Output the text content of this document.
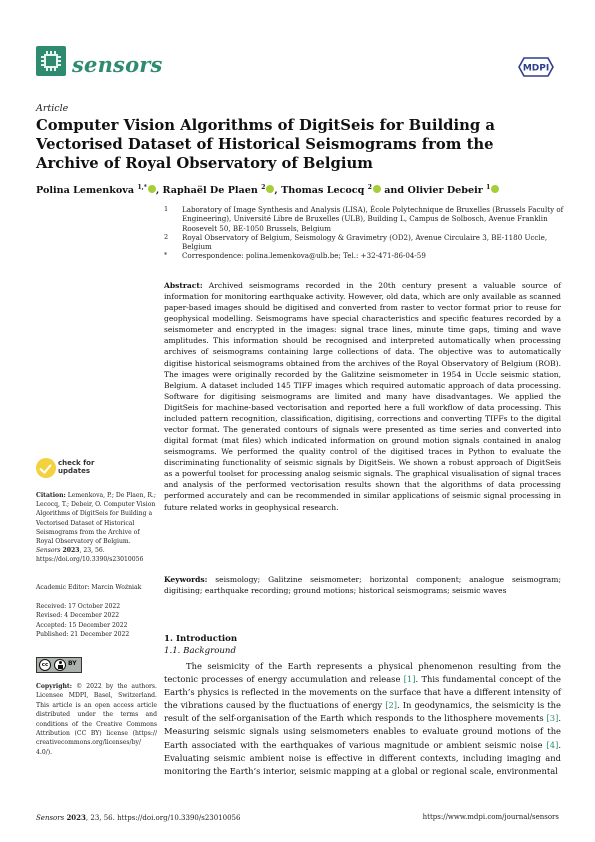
sensors	MDPI
Article
Computer Vision Algorithms of DigitSeis for Building a Vectorised Dataset of Historical Seismograms from the Archive of Royal Observatory of Belgium
Polina Lemenkova $^{1,*}$ , Raphaël De Plaen $^2$ , Thomas Lecocq $^2$ and Olivier Debeir $^1$
1	Laboratory of Image Synthesis and Analysis (LISA), École Polytechnique de Bruxelles (Brussels Faculty of Engineering), Université Libre de Bruxelles (ULB), Building L, Campus de Solbosch, Avenue Franklin Roosevelt 50, BE-1050 Brussels, Belgium
2	Royal Observatory of Belgium, Seismology & Gravimetry (OD2), Avenue Circulaire 3, BE-1180 Uccle, Belgium
*	Correspondence: polina.lemenkova@ulb.be; Tel.: +32-471-86-04-59
Abstract: Archived seismograms recorded in the 20th century present a valuable source of information for monitoring earthquake activity. However, old data, which are only available as scanned paper-based images should be digitised and converted from raster to vector format prior to reuse for geophysical modelling. Seismograms have special characteristics and specific features recorded by a seismometer and encrypted in the images: signal trace lines, minute time gaps, timing and wave amplitudes. This information should be recognised and interpreted automatically when processing archives of seismograms containing large collections of data. The objective was to automatically digitise historical seismograms obtained from the archives of the Royal Observatory of Belgium (ROB). The images were originally recorded by the Galitzine seismometer in 1954 in Uccle seismic station, Belgium. A dataset included 145 TIFF images which required automatic approach of data processing. Software for digitising seismograms are limited and many have disadvantages. We applied the DigitSeis for machine-based vectorisation and reported here a full workflow of data processing. This included pattern recognition, classification, digitising, corrections and converting TIFFs to the digital vector format. The generated contours of signals were presented as time series and converted into digital format (mat files) which indicated information on ground motion signals contained in analog seismograms. We performed the quality control of the digitised traces in Python to evaluate the discriminating functionality of seismic signals by DigitSeis. We shown a robust approach of DigitSeis as a powerful toolset for processing analog seismic signals. The graphical visualisation of signal traces and analysis of the performed vectorisation results shown that the algorithms of data processing performed accurately and can be recommended in similar applications of seismic signal processing in future related works in geophysical research.
Keywords: seismology; Galitzine seismometer; horizontal component; analogue seismogram; digitising; earthquake recording; ground motions; historical seismograms; seismic waves
check for
updates
Citation: Lemenkova, P.; De Plaen, R.; Lecocq, T.; Debeir, O. Computer Vision Algorithms of DigitSeis for Building a Vectorised Dataset of Historical Seismograms from the Archive of Royal Observatory of Belgium. Sensors 2023, 23, 56. https://doi.org/10.3390/s23010056
Academic Editor: Marcin Woźniak
Received: 17 October 2022
Revised: 4 December 2022
Accepted: 15 December 2022
Published: 21 December 2022
cc	BY
Copyright: © 2022 by the authors. Licensee MDPI, Basel, Switzerland. This article is an open access article distributed under the terms and conditions of the Creative Commons Attribution (CC BY) license (https:// creativecommons.org/licenses/by/ 4.0/).
1. Introduction
1.1. Background
The seismicity of the Earth represents a physical phenomenon resulting from the tectonic processes of energy accumulation and release [1]. This fundamental concept of the Earth’s physics is reflected in the movements on the surface that have a different intensity of the vibrations caused by the fluctuations of energy [2]. In geodynamics, the seismicity is the result of the self-organisation of the Earth which responds to the lithosphere movements [3]. Measuring seismic signals using seismometers enables to evaluate ground motions of the Earth associated with the earthquakes of various magnitude or ambient seismic noise [4]. Evaluating seismic ambient noise is effective in different contexts, including imaging and monitoring the Earth’s interior, seismic mapping at a global or regional scale, environmental
Sensors 2023, 23, 56. https://doi.org/10.3390/s23010056	https://www.mdpi.com/journal/sensors
